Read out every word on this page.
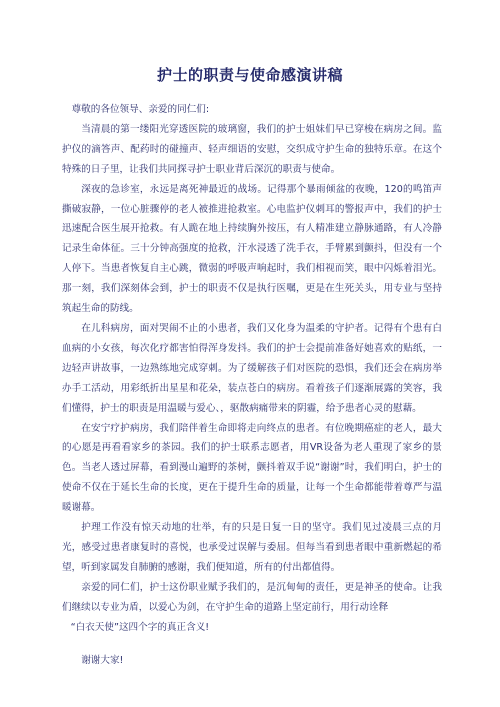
护士的职责与使命感演讲稿

尊敬的各位领导、亲爱的同仁们:

当清晨的第一缕阳光穿透医院的玻璃窗，我们的护士姐妹们早已穿梭在病房之间。监护仪的滴答声、配药时的碰撞声、轻声细语的安慰，交织成守护生命的独特乐章。在这个特殊的日子里，让我们共同探寻护士职业背后深沉的职责与使命。

深夜的急诊室，永远是离死神最近的战场。记得那个暴雨倾盆的夜晚，120的鸣笛声撕破寂静，一位心脏骤停的老人被推进抢救室。心电监护仪刺耳的警报声中，我们的护士迅速配合医生展开抢救。有人跪在地上持续胸外按压，有人精准建立静脉通路，有人冷静记录生命体征。三十分钟高强度的抢救，汗水浸透了洗手衣，手臂累到颤抖，但没有一个人停下。当患者恢复自主心跳，微弱的呼吸声响起时，我们相视而笑，眼中闪烁着泪光。那一刻，我们深刻体会到，护士的职责不仅是执行医嘱，更是在生死关头，用专业与坚持筑起生命的防线。

在儿科病房，面对哭闹不止的小患者，我们又化身为温柔的守护者。记得有个患有白血病的小女孩，每次化疗都害怕得浑身发抖。我们的护士会提前准备好她喜欢的贴纸，一边轻声讲故事，一边熟练地完成穿刺。为了缓解孩子们对医院的恐惧，我们还会在病房举办手工活动，用彩纸折出星星和花朵，装点苍白的病房。看着孩子们逐渐展露的笑容，我们懂得，护士的职责是用温暖与爱心、，驱散病痛带来的阴霾，给予患者心灵的慰藉。

在安宁疗护病房，我们陪伴着生命即将走向终点的患者。有位晚期癌症的老人，最大的心愿是再看看家乡的茶园。我们的护士联系志愿者，用VR设备为老人重现了家乡的景色。当老人透过屏幕，看到漫山遍野的茶树，颤抖着双手说“谢谢”时，我们明白，护士的使命不仅在于延长生命的长度，更在于提升生命的质量，让每一个生命都能带着尊严与温暖谢幕。

护理工作没有惊天动地的壮举，有的只是日复一日的坚守。我们见过凌晨三点的月光，感受过患者康复时的喜悦，也承受过误解与委屈。但每当看到患者眼中重新燃起的希望，听到家属发自肺腑的感谢，我们便知道，所有的付出都值得。

亲爱的同仁们，护士这份职业赋予我们的，是沉甸甸的责任，更是神圣的使命。让我们继续以专业为盾，以爱心为剑，在守护生命的道路上坚定前行，用行动诠释

“白衣天使”这四个字的真正含义!

谢谢大家!
